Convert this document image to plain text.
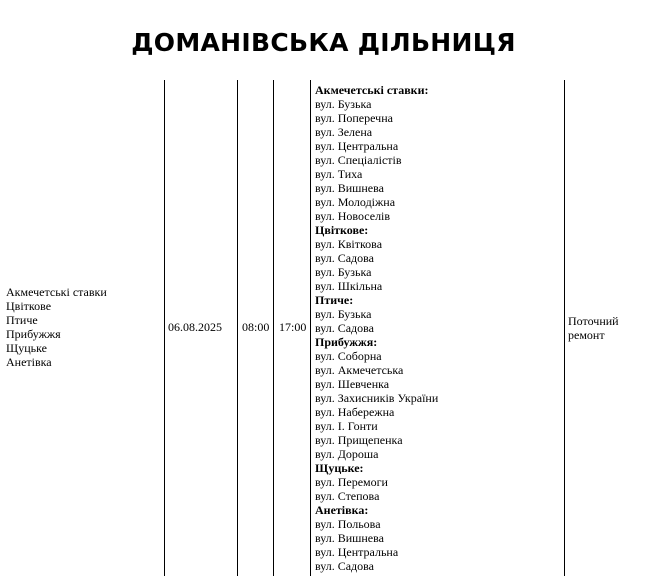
ДОМАНІВСЬКА ДІЛЬНИЦЯ
Акмечетські ставки
Цвіткове
Птиче
Прибужжя
Щуцьке
Анетівка
06.08.2025 08:00 17:00
Акмечетські ставки:
вул. Бузька
вул. Поперечна
вул. Зелена
вул. Центральна
вул. Спеціалістів
вул. Тиха
вул. Вишнева
вул. Молодіжна
вул. Новоселів
Цвіткове:
вул. Квіткова
вул. Садова
вул. Бузька
вул. Шкільна
Птиче:
вул. Бузька
вул. Садова
Прибужжя:
вул. Соборна
вул. Акмечетська
вул. Шевченка
вул. Захисників України
вул. Набережна
вул. І. Гонти
вул. Прищепенка
вул. Дороша
Щуцьке:
вул. Перемоги
вул. Степова
Анетівка:
вул. Польова
вул. Вишнева
вул. Центральна
вул. Садова
Поточний
ремонт
